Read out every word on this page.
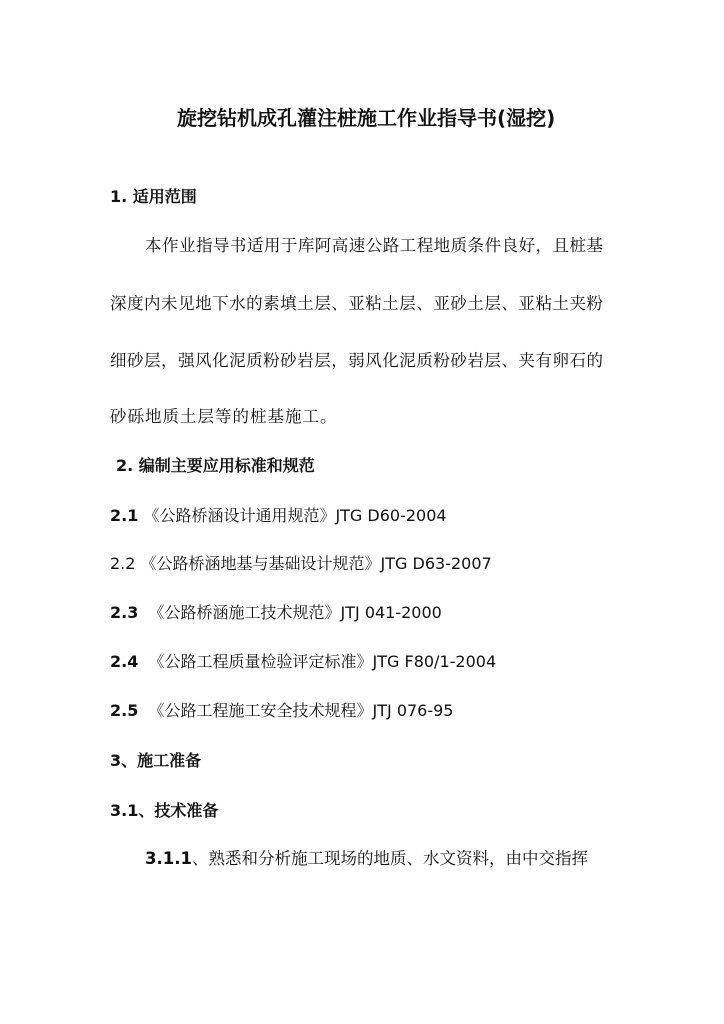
旋挖钻机成孔灌注桩施工作业指导书(湿挖)
1. 适用范围
本作业指导书适用于库阿高速公路工程地质条件良好，且桩基
深度内未见地下水的素填土层、亚粘土层、亚砂土层、亚粘土夹粉
细砂层，强风化泥质粉砂岩层，弱风化泥质粉砂岩层、夹有卵石的
砂砾地质土层等的桩基施工。
2. 编制主要应用标准和规范
2.1 《公路桥涵设计通用规范》JTG D60-2004
2.2 《公路桥涵地基与基础设计规范》JTG D63-2007
2.3 《公路桥涵施工技术规范》JTJ 041-2000
2.4 《公路工程质量检验评定标准》JTG F80/1-2004
2.5 《公路工程施工安全技术规程》JTJ 076-95
3、施工准备
3.1、技术准备
3.1.1、熟悉和分析施工现场的地质、水文资料，由中交指挥
